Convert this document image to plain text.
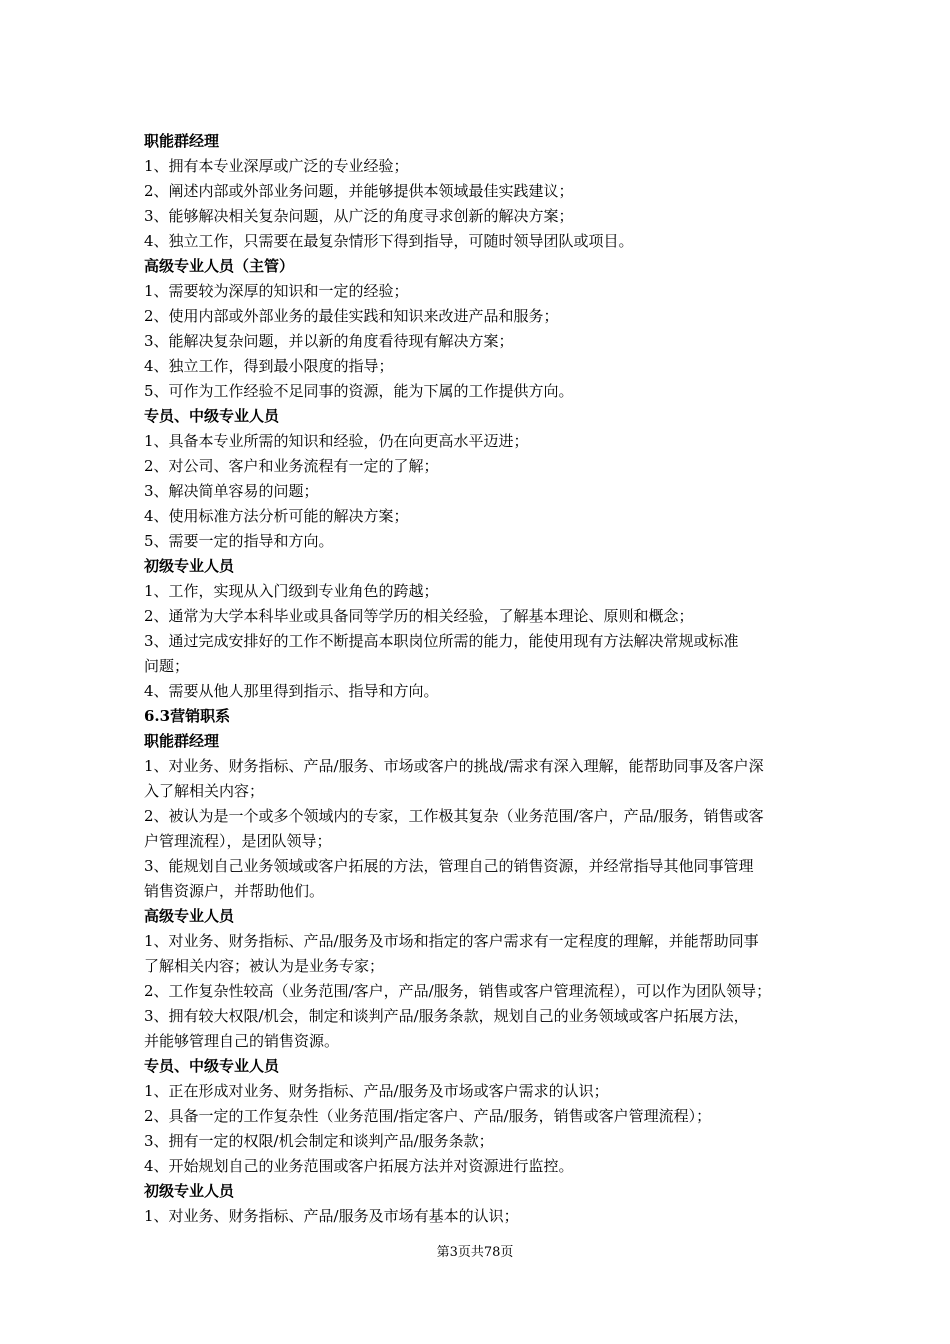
职能群经理
1、拥有本专业深厚或广泛的专业经验；
2、阐述内部或外部业务问题，并能够提供本领域最佳实践建议；
3、能够解决相关复杂问题，从广泛的角度寻求创新的解决方案；
4、独立工作，只需要在最复杂情形下得到指导，可随时领导团队或项目。
高级专业人员（主管）
1、需要较为深厚的知识和一定的经验；
2、使用内部或外部业务的最佳实践和知识来改进产品和服务；
3、能解决复杂问题，并以新的角度看待现有解决方案；
4、独立工作，得到最小限度的指导；
5、可作为工作经验不足同事的资源，能为下属的工作提供方向。
专员、中级专业人员
1、具备本专业所需的知识和经验，仍在向更高水平迈进；
2、对公司、客户和业务流程有一定的了解；
3、解决简单容易的问题；
4、使用标准方法分析可能的解决方案；
5、需要一定的指导和方向。
初级专业人员
1、工作，实现从入门级到专业角色的跨越；
2、通常为大学本科毕业或具备同等学历的相关经验，了解基本理论、原则和概念；
3、通过完成安排好的工作不断提高本职岗位所需的能力，能使用现有方法解决常规或标准
问题；
4、需要从他人那里得到指示、指导和方向。
6.3营销职系
职能群经理
1、对业务、财务指标、产品/服务、市场或客户的挑战/需求有深入理解，能帮助同事及客户深
入了解相关内容；
2、被认为是一个或多个领域内的专家，工作极其复杂（业务范围/客户，产品/服务，销售或客
户管理流程），是团队领导；
3、能规划自己业务领域或客户拓展的方法，管理自己的销售资源，并经常指导其他同事管理
销售资源户，并帮助他们。
高级专业人员
1、对业务、财务指标、产品/服务及市场和指定的客户需求有一定程度的理解，并能帮助同事
了解相关内容；被认为是业务专家；
2、工作复杂性较高（业务范围/客户，产品/服务，销售或客户管理流程），可以作为团队领导；
3、拥有较大权限/机会，制定和谈判产品/服务条款，规划自己的业务领域或客户拓展方法，
并能够管理自己的销售资源。
专员、中级专业人员
1、正在形成对业务、财务指标、产品/服务及市场或客户需求的认识；
2、具备一定的工作复杂性（业务范围/指定客户、产品/服务，销售或客户管理流程）；
3、拥有一定的权限/机会制定和谈判产品/服务条款；
4、开始规划自己的业务范围或客户拓展方法并对资源进行监控。
初级专业人员
1、对业务、财务指标、产品/服务及市场有基本的认识；
第3页共78页
